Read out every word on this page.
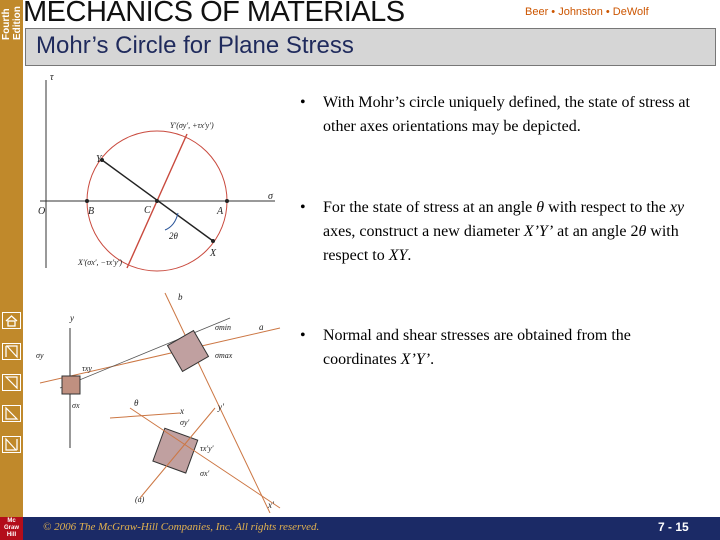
Fourth Edition
Mc
Graw
Hill
MECHANICS OF MATERIALS	Beer • Johnston • DeWolf
Mohr’s Circle for Plane Stress
τ
σ
O	B	C	A
X
Y
2θ
Y′(σy′, +τx′y′)
X′(σx′, −τx′y′)
b
a
y
x
σmin
σmax
σy
τxy
σx	θ
σy′
τx′y′
σx′
y′
x′
(a)
• With Mohr’s circle uniquely defined, the state of stress at other axes orientations may be depicted.
• For the state of stress at an angle θ with respect to the xy axes, construct a new diameter X’Y’ at an angle 2θ with respect to XY.
• Normal and shear stresses are obtained from the coordinates X’Y’.
© 2006 The McGraw-Hill Companies, Inc. All rights reserved.	7 - 15
